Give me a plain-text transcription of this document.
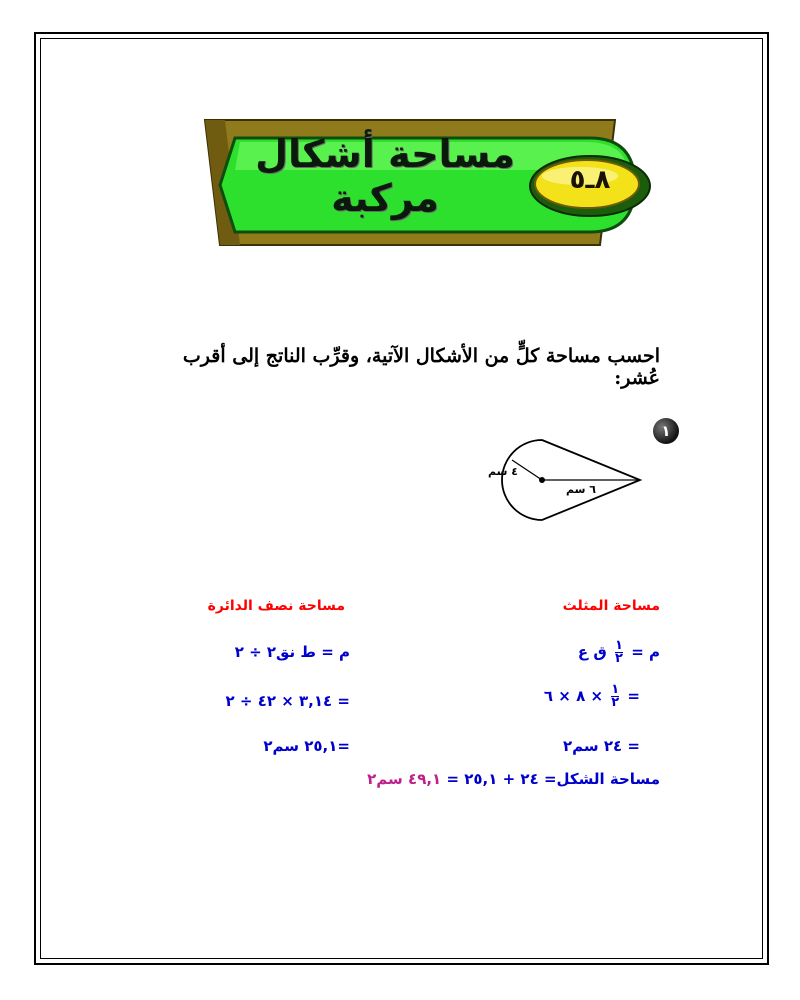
مساحة أشكال
مركبة	٨ـ٥
احسب مساحة كلٍّ من الأشكال الآتية، وقرِّب الناتج إلى أقرب عُشر:
١
٤ سم
٦ سم
مساحة المثلث
م =
$\frac{١}{٢}$
ق ع
=
$\frac{١}{٢}$
× ٨ × ٦
= ٢٤ سم٢
مساحة نصف الدائرة
م = ط نق٢ ÷ ٢
= ٣,١٤ × ٤٢ ÷ ٢
=٢٥,١ سم٢
مساحة الشكل= ٢٤ + ٢٥,١ = ٤٩,١ سم٢
